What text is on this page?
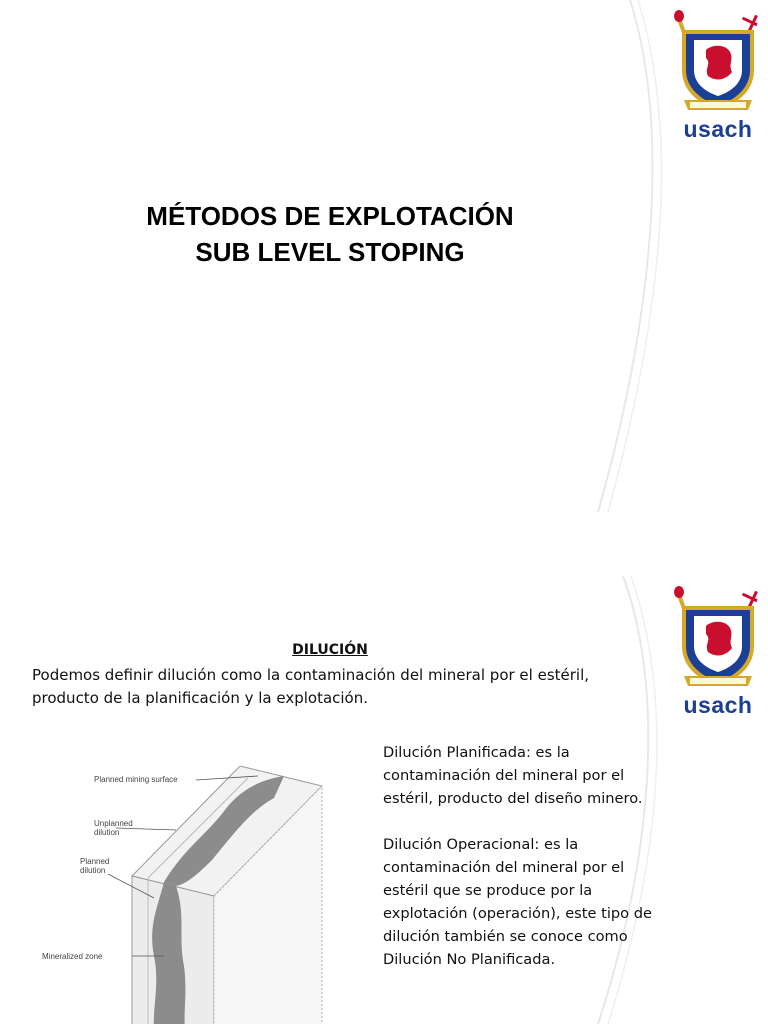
usach
MÉTODOS DE EXPLOTACIÓN
SUB LEVEL STOPING
usach
DILUCIÓN
Podemos definir dilución como la contaminación del mineral por el estéril, producto de la planificación y la explotación.

Dilución Planificada: es la contaminación del mineral por el estéril, producto del diseño minero.

Dilución Operacional: es la contaminación del mineral por el estéril que se produce por la explotación (operación), este tipo de dilución también se conoce como Dilución No Planificada.

Planned mining surface
Unplanned
dilution
Planned
dilution
Mineralized zone
